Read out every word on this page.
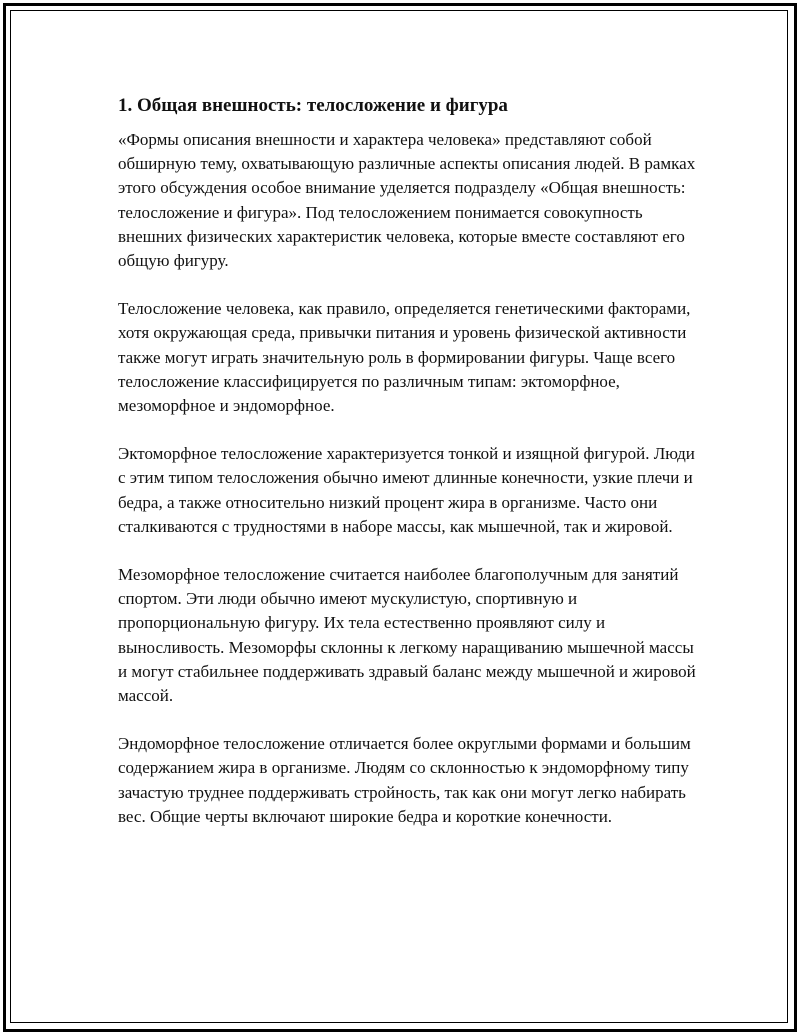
1. Общая внешность: телосложение и фигура

«Формы описания внешности и характера человека» представляют собой обширную тему, охватывающую различные аспекты описания людей. В рамках этого обсуждения особое внимание уделяется подразделу «Общая внешность: телосложение и фигура». Под телосложением понимается совокупность внешних физических характеристик человека, которые вместе составляют его общую фигуру.

Телосложение человека, как правило, определяется генетическими факторами, хотя окружающая среда, привычки питания и уровень физической активности также могут играть значительную роль в формировании фигуры. Чаще всего телосложение классифицируется по различным типам: эктоморфное, мезоморфное и эндоморфное.

Эктоморфное телосложение характеризуется тонкой и изящной фигурой. Люди с этим типом телосложения обычно имеют длинные конечности, узкие плечи и бедра, а также относительно низкий процент жира в организме. Часто они сталкиваются с трудностями в наборе массы, как мышечной, так и жировой.

Мезоморфное телосложение считается наиболее благополучным для занятий спортом. Эти люди обычно имеют мускулистую, спортивную и пропорциональную фигуру. Их тела естественно проявляют силу и выносливость. Мезоморфы склонны к легкому наращиванию мышечной массы и могут стабильнее поддерживать здравый баланс между мышечной и жировой массой.

Эндоморфное телосложение отличается более округлыми формами и большим содержанием жира в организме. Людям со склонностью к эндоморфному типу зачастую труднее поддерживать стройность, так как они могут легко набирать вес. Общие черты включают широкие бедра и короткие конечности.
